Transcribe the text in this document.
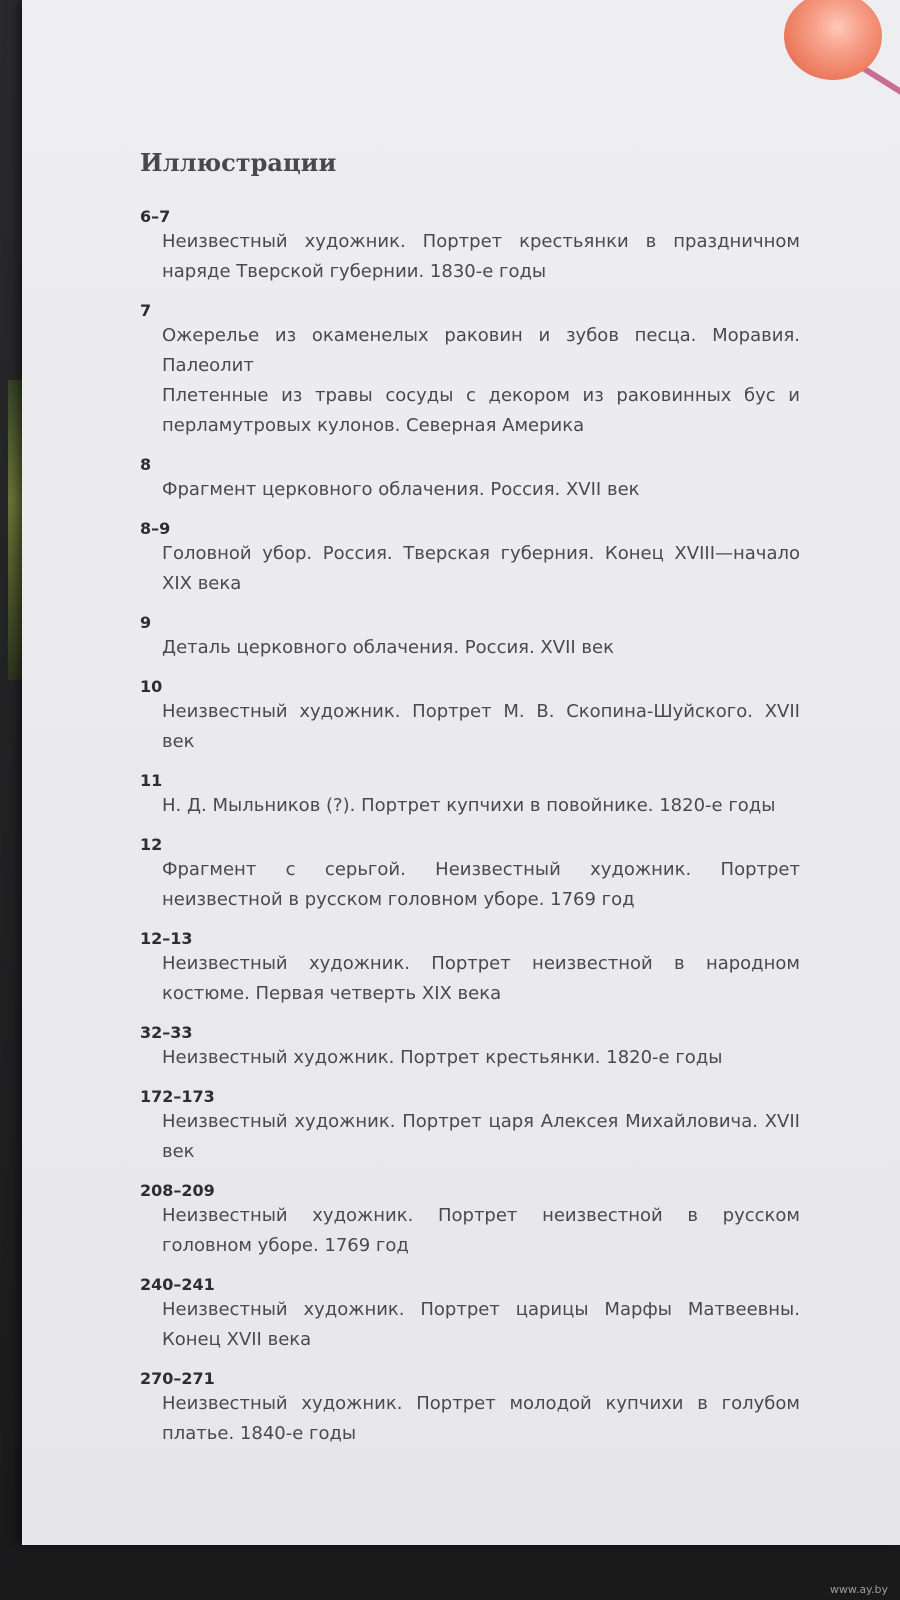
Иллюстрации
6–7
Неизвестный художник. Портрет крестьянки в праздничном наряде Тверской губернии. 1830-е годы
7
Ожерелье из окаменелых раковин и зубов песца. Моравия. Палеолит
Плетенные из травы сосуды с декором из раковинных бус и перламутровых кулонов. Северная Америка
8
Фрагмент церковного облачения. Россия. XVII век
8–9
Головной убор. Россия. Тверская губерния. Конец XVIII—начало XIX века
9
Деталь церковного облачения. Россия. XVII век
10
Неизвестный художник. Портрет М. В. Скопина-Шуйского. XVII век
11
Н. Д. Мыльников (?). Портрет купчихи в повойнике. 1820-е годы
12
Фрагмент с серьгой. Неизвестный художник. Портрет неизвестной в русском головном уборе. 1769 год
12–13
Неизвестный художник. Портрет неизвестной в народном костюме. Первая четверть XIX века
32–33
Неизвестный художник. Портрет крестьянки. 1820-е годы
172–173
Неизвестный художник. Портрет царя Алексея Михайловича. XVII век
208–209
Неизвестный художник. Портрет неизвестной в русском головном уборе. 1769 год
240–241
Неизвестный художник. Портрет царицы Марфы Матвеевны. Конец XVII века
270–271
Неизвестный художник. Портрет молодой купчихи в голубом платье. 1840-е годы
www.ay.by
